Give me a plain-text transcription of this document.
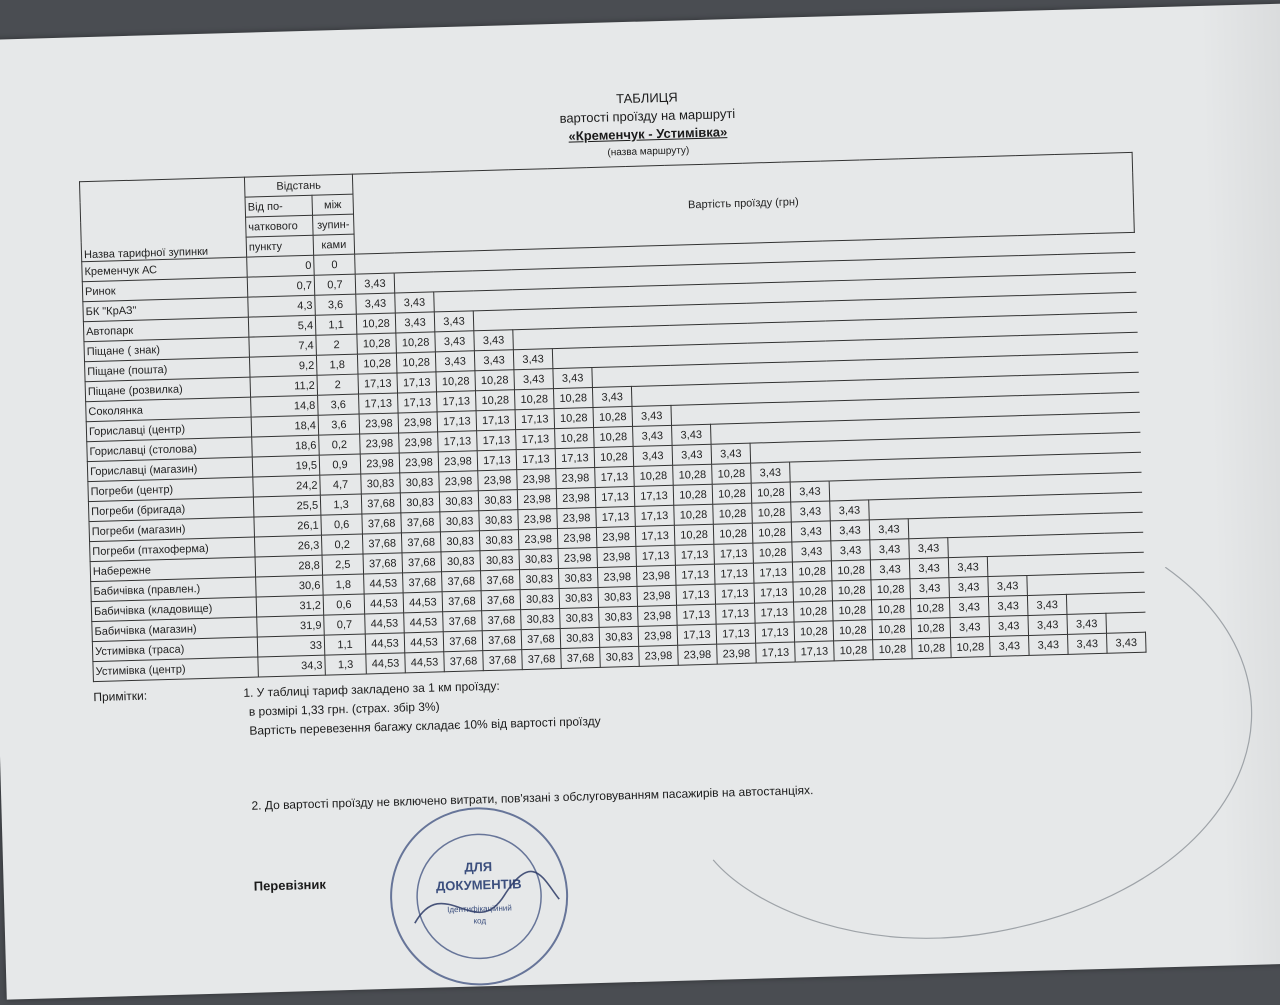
ТАБЛИЦЯ
вартості проїзду на маршруті
«Кременчук - Устимівка»
(назва маршруту)
Назва тарифної зупинки	Відстань		Вартість проїзду (грн)																			
	Від по-	між																				
	чаткового	зупин-																				
	пункту	ками																				
Кременчук АС	0	0																				
Ринок	0,7	0,7	3,43																			
БК "КрАЗ"	4,3	3,6	3,43	3,43																		
Автопарк	5,4	1,1	10,28	3,43	3,43																	
Піщане ( знак)	7,4	2	10,28	10,28	3,43	3,43																
Піщане (пошта)	9,2	1,8	10,28	10,28	3,43	3,43	3,43															
Піщане (розвилка)	11,2	2	17,13	17,13	10,28	10,28	3,43	3,43														
Соколянка	14,8	3,6	17,13	17,13	17,13	10,28	10,28	10,28	3,43													
Гориславці (центр)	18,4	3,6	23,98	23,98	17,13	17,13	17,13	10,28	10,28	3,43												
Гориславці (столова)	18,6	0,2	23,98	23,98	17,13	17,13	17,13	10,28	10,28	3,43	3,43											
Гориславці (магазин)	19,5	0,9	23,98	23,98	23,98	17,13	17,13	17,13	10,28	3,43	3,43	3,43										
Погреби (центр)	24,2	4,7	30,83	30,83	23,98	23,98	23,98	23,98	17,13	10,28	10,28	10,28	3,43									
Погреби (бригада)	25,5	1,3	37,68	30,83	30,83	30,83	23,98	23,98	17,13	17,13	10,28	10,28	10,28	3,43								
Погреби (магазин)	26,1	0,6	37,68	37,68	30,83	30,83	23,98	23,98	17,13	17,13	10,28	10,28	10,28	3,43	3,43							
Погреби (птахоферма)	26,3	0,2	37,68	37,68	30,83	30,83	23,98	23,98	23,98	17,13	10,28	10,28	10,28	3,43	3,43	3,43						
Набережне	28,8	2,5	37,68	37,68	30,83	30,83	30,83	23,98	23,98	17,13	17,13	17,13	10,28	3,43	3,43	3,43	3,43					
Бабичівка (правлен.)	30,6	1,8	44,53	37,68	37,68	37,68	30,83	30,83	23,98	23,98	17,13	17,13	17,13	10,28	10,28	3,43	3,43	3,43				
Бабичівка (кладовище)	31,2	0,6	44,53	44,53	37,68	37,68	30,83	30,83	30,83	23,98	17,13	17,13	17,13	10,28	10,28	10,28	3,43	3,43	3,43			
Бабичівка (магазин)	31,9	0,7	44,53	44,53	37,68	37,68	30,83	30,83	30,83	23,98	17,13	17,13	17,13	10,28	10,28	10,28	10,28	3,43	3,43	3,43		
Устимівка (траса)	33	1,1	44,53	44,53	37,68	37,68	37,68	30,83	30,83	23,98	17,13	17,13	17,13	10,28	10,28	10,28	10,28	3,43	3,43	3,43	3,43	
Устимівка (центр)	34,3	1,3	44,53	44,53	37,68	37,68	37,68	37,68	30,83	23,98	23,98	23,98	17,13	17,13	10,28	10,28	10,28	10,28	3,43	3,43	3,43	3,43
Примітки:	1. У таблиці тариф закладено за 1 км проїзду:
в розмірі 1,33 грн. (страх. збір 3%)
Вартість перевезення багажу складає 10% від вартості проїзду
2. До вартості проїзду не включено витрати, пов'язані з обслуговуванням пасажирів на автостанціях.
Перевізник
ДЛЯ
ДОКУМЕНТІВ
Ідентифікаційний
код
